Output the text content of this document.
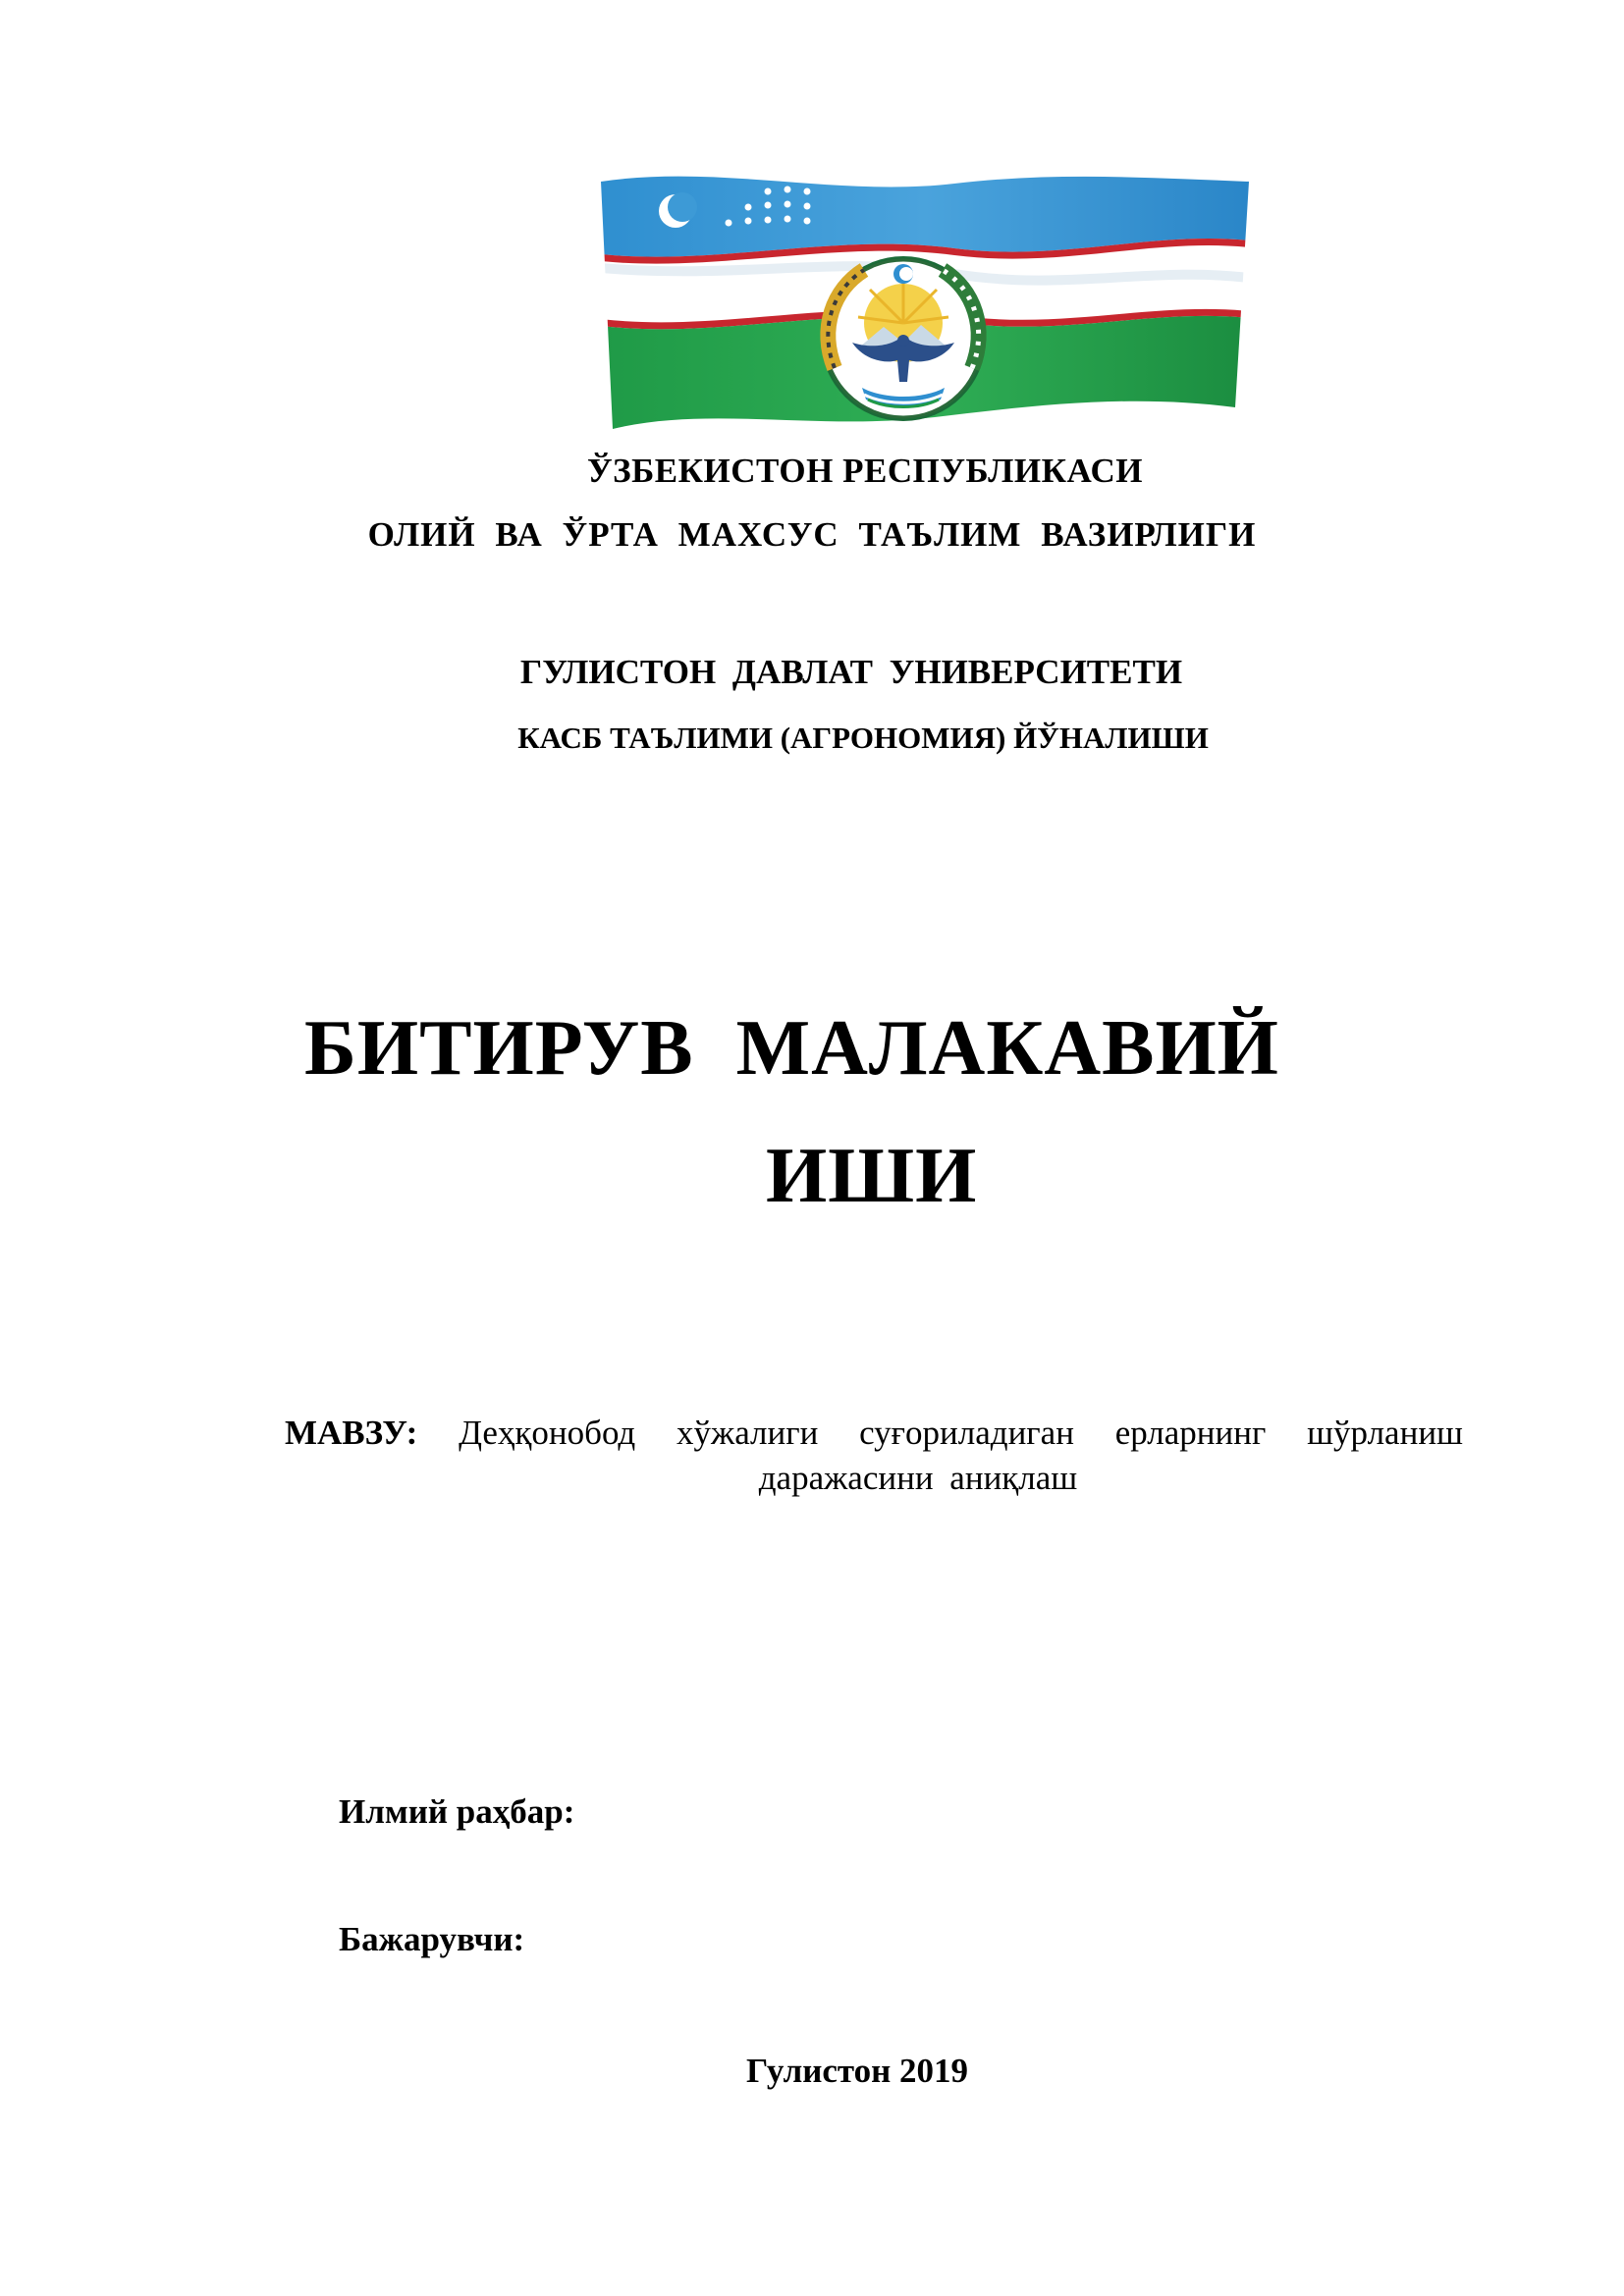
ЎЗБЕКИСТОН РЕСПУБЛИКАСИ
ОЛИЙ ВА ЎРТА МАХСУС ТАЪЛИМ ВАЗИРЛИГИ
ГУЛИСТОН ДАВЛАТ УНИВЕРСИТЕТИ
КАСБ ТАЪЛИМИ (АГРОНОМИЯ) ЙЎНАЛИШИ
БИТИРУВ МАЛАКАВИЙ
ИШИ
МАВЗУ: Деҳқонобод хўжалиги суғориладиган ерларнинг шўрланиш
даражасини аниқлаш
Илмий раҳбар:
Бажарувчи:
Гулистон 2019
